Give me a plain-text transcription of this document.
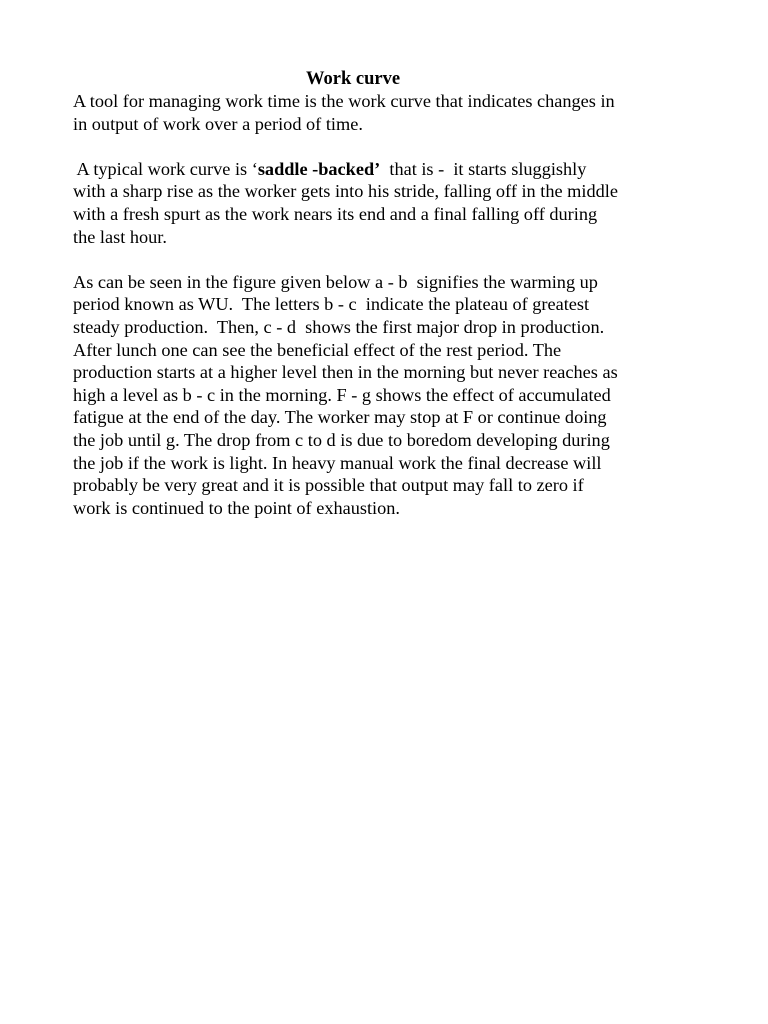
Work curve

A tool for managing work time is the work curve that indicates changes in
in output of work over a period of time.

A typical work curve is ‘saddle -backed’  that is -  it starts sluggishly
with a sharp rise as the worker gets into his stride, falling off in the middle
with a fresh spurt as the work nears its end and a final falling off during
the last hour.

As can be seen in the figure given below a - b  signifies the warming up
period known as WU.  The letters b - c  indicate the plateau of greatest
steady production.  Then, c - d  shows the first major drop in production.
After lunch one can see the beneficial effect of the rest period. The
production starts at a higher level then in the morning but never reaches as
high a level as b - c in the morning. F - g shows the effect of accumulated
fatigue at the end of the day. The worker may stop at F or continue doing
the job until g. The drop from c to d is due to boredom developing during
the job if the work is light. In heavy manual work the final decrease will
probably be very great and it is possible that output may fall to zero if
work is continued to the point of exhaustion.
